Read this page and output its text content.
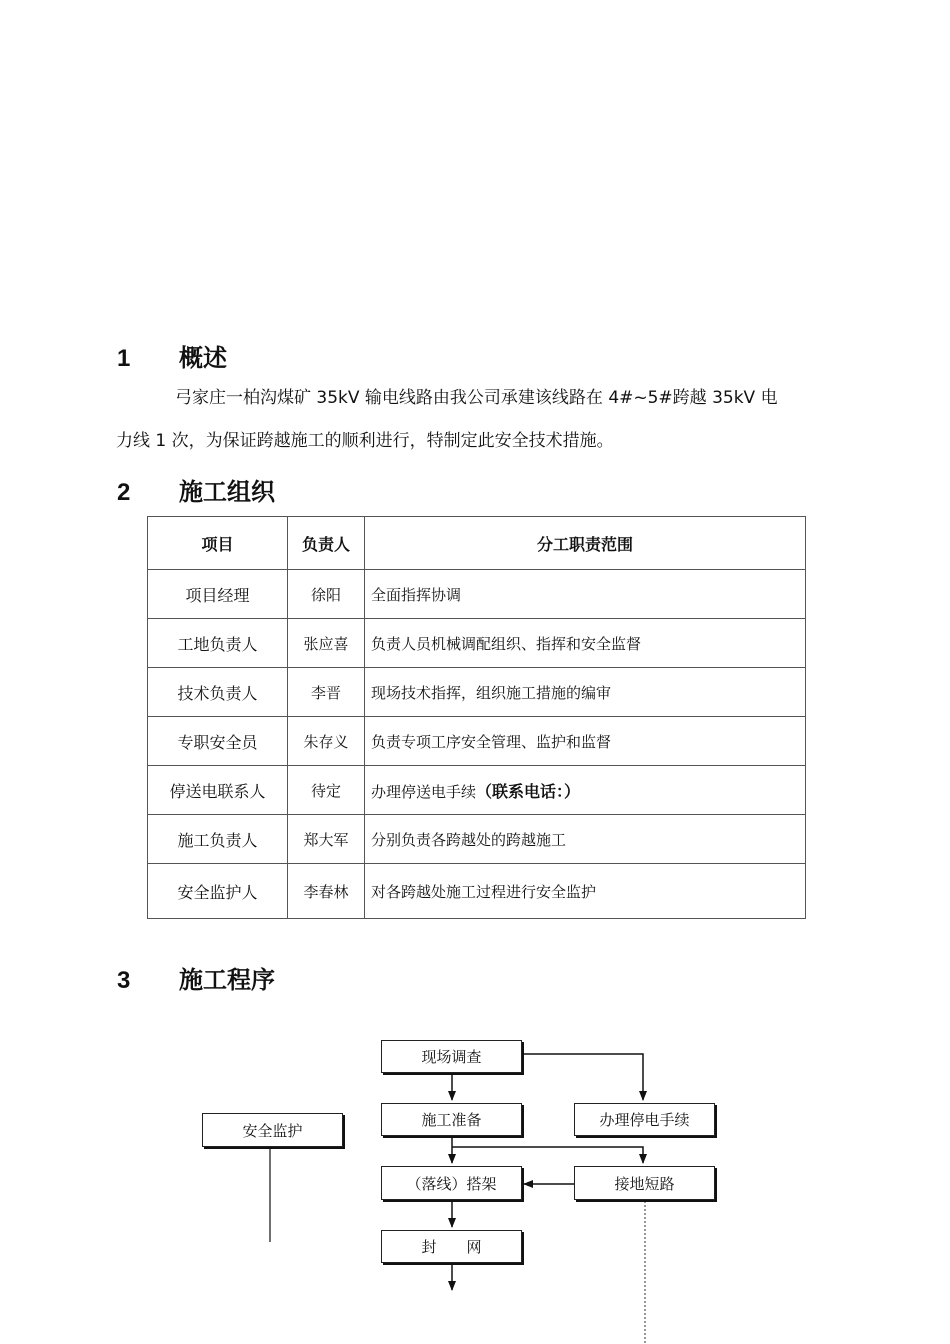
1 概述
弓家庄一柏沟煤矿 35kV 输电线路由我公司承建该线路在 4#~5#跨越 35kV 电
力线 1 次，为保证跨越施工的顺利进行，特制定此安全技术措施。
2 施工组织
项目	负责人	分工职责范围
项目经理	徐阳	全面指挥协调
工地负责人	张应喜	负责人员机械调配组织、指挥和安全监督
技术负责人	李晋	现场技术指挥，组织施工措施的编审
专职安全员	朱存义	负责专项工序安全管理、监护和监督
停送电联系人	待定	办理停送电手续（联系电话：）
施工负责人	郑大军	分别负责各跨越处的跨越施工
安全监护人	李春林	对各跨越处施工过程进行安全监护
3 施工程序
现场调查
施工准备	办理停电手续
（落线）搭架	接地短路
封　　网
安全监护
